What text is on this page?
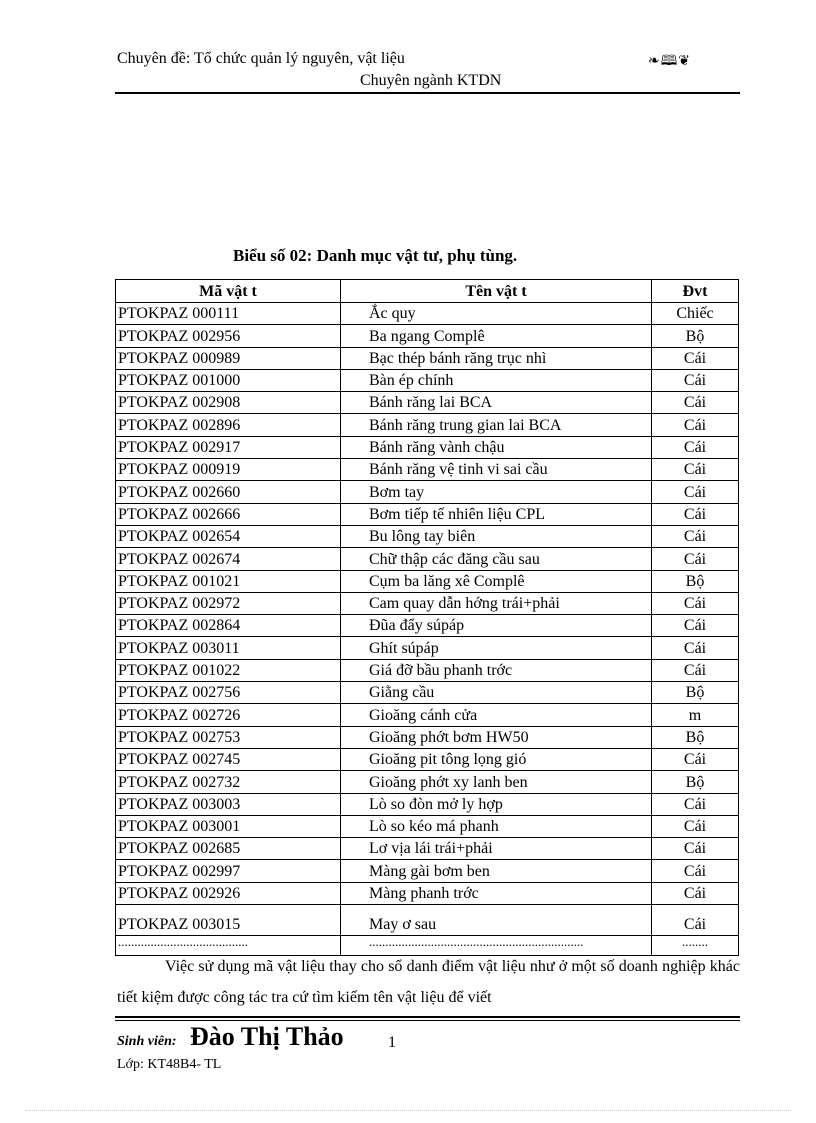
Chuyên đề: Tổ chức quản lý nguyên, vật liệu	❧🕮❦
Chuyên ngành KTDN
Biểu số 02: Danh mục vật tư, phụ tùng.
Mã vật t	Tên vật t	Đvt
PTOKPAZ 000111	Ắc quy	Chiếc
PTOKPAZ 002956	Ba ngang Complê	Bộ
PTOKPAZ 000989	Bạc thép bánh răng trục nhì	Cái
PTOKPAZ 001000	Bàn ép chính	Cái
PTOKPAZ 002908	Bánh răng lai BCA	Cái
PTOKPAZ 002896	Bánh răng trung gian lai BCA	Cái
PTOKPAZ 002917	Bánh răng vành chậu	Cái
PTOKPAZ 000919	Bánh răng vệ tinh vi sai cầu	Cái
PTOKPAZ 002660	Bơm tay	Cái
PTOKPAZ 002666	Bơm tiếp tế nhiên liệu CPL	Cái
PTOKPAZ 002654	Bu lông tay biên	Cái
PTOKPAZ 002674	Chữ thập các đăng cầu sau	Cái
PTOKPAZ 001021	Cụm ba lăng xê Complê	Bộ
PTOKPAZ 002972	Cam quay dẫn hớng trái+phải	Cái
PTOKPAZ 002864	Đũa đẩy súpáp	Cái
PTOKPAZ 003011	Ghít súpáp	Cái
PTOKPAZ 001022	Giá đỡ bầu phanh trớc	Cái
PTOKPAZ 002756	Giằng cầu	Bộ
PTOKPAZ 002726	Gioăng cánh cửa	m
PTOKPAZ 002753	Gioăng phớt bơm HW50	Bộ
PTOKPAZ 002745	Gioăng pit tông lọng gió	Cái
PTOKPAZ 002732	Gioăng phớt xy lanh ben	Bộ
PTOKPAZ 003003	Lò so đòn mở ly hợp	Cái
PTOKPAZ 003001	Lò so kéo má phanh	Cái
PTOKPAZ 002685	Lơ vịa lái trái+phải	Cái
PTOKPAZ 002997	Màng gài bơm ben	Cái
PTOKPAZ 002926	Màng phanh trớc	Cái
PTOKPAZ 003015	May ơ sau	Cái
........................................	..................................................................	........
Việc sử dụng mã vật liệu thay cho sổ danh điểm vật liệu như ở một số doanh nghiệp khác tiết kiệm được công tác tra cứ tìm kiếm tên vật liệu để viết
Sinh viên: Đào Thị Thảo	1
Lớp: KT48B4- TL
